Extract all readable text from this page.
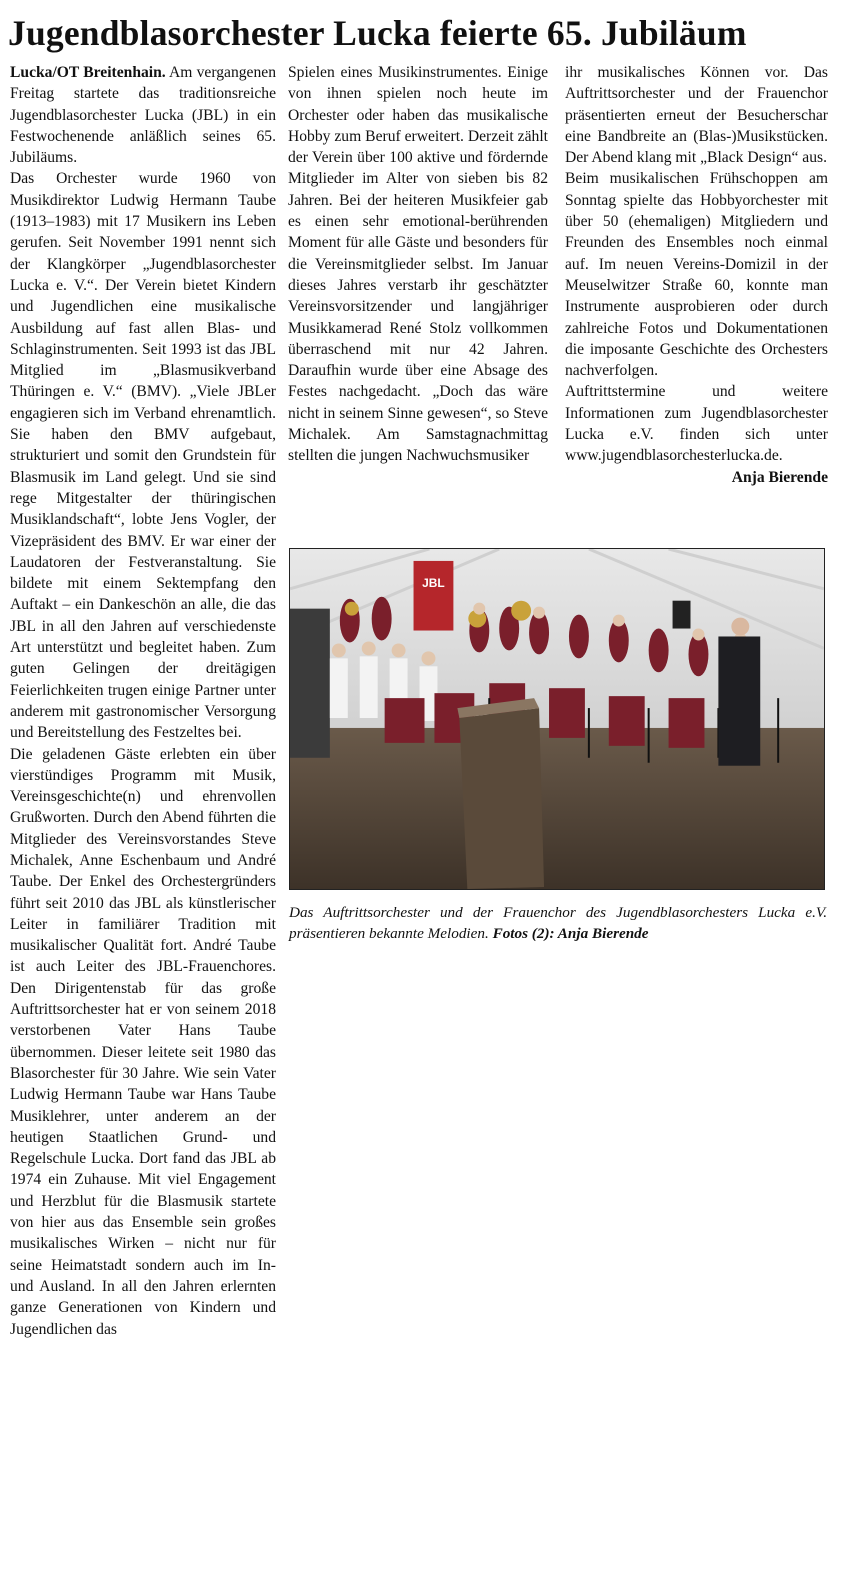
Jugendblasorchester Lucka feierte 65. Jubiläum

Lucka/OT Breitenhain. Am vergangenen Freitag startete das traditionsreiche Jugendblasorchester Lucka (JBL) in ein Festwochenende anläßlich seines 65. Jubiläums.

Das Orchester wurde 1960 von Musikdirektor Ludwig Hermann Taube (1913–1983) mit 17 Musikern ins Leben gerufen. Seit November 1991 nennt sich der Klangkörper „Jugendblasorchester Lucka e. V.“. Der Verein bietet Kindern und Jugendlichen eine musikalische Ausbildung auf fast allen Blas- und Schlaginstrumenten. Seit 1993 ist das JBL Mitglied im „Blasmusikverband Thüringen e. V.“ (BMV). „Viele JBLer engagieren sich im Verband ehrenamtlich. Sie haben den BMV aufgebaut, strukturiert und somit den Grundstein für Blasmusik im Land gelegt. Und sie sind rege Mitgestalter der thüringischen Musiklandschaft“, lobte Jens Vogler, der Vizepräsident des BMV. Er war einer der Laudatoren der Festveranstaltung. Sie bildete mit einem Sektempfang den Auftakt – ein Dankeschön an alle, die das JBL in all den Jahren auf verschiedenste Art unterstützt und begleitet haben. Zum guten Gelingen der dreitägigen Feierlichkeiten trugen einige Partner unter anderem mit gastronomischer Versorgung und Bereitstellung des Festzeltes bei.

Die geladenen Gäste erlebten ein über vierstündiges Programm mit Musik, Vereinsgeschichte(n) und ehrenvollen Grußworten. Durch den Abend führten die Mitglieder des Vereinsvorstandes Steve Michalek, Anne Eschenbaum und André Taube. Der Enkel des Orchestergründers führt seit 2010 das JBL als künstlerischer Leiter in familiärer Tradition mit musikalischer Qualität fort. André Taube ist auch Leiter des JBL-Frauenchores. Den Dirigentenstab für das große Auftrittsorchester hat er von seinem 2018 verstorbenen Vater Hans Taube übernommen. Dieser leitete seit 1980 das Blasorchester für 30 Jahre. Wie sein Vater Ludwig Hermann Taube war Hans Taube Musiklehrer, unter anderem an der heutigen Staatlichen Grund- und Regelschule Lucka. Dort fand das JBL ab 1974 ein Zuhause. Mit viel Engagement und Herzblut für die Blasmusik startete von hier aus das Ensemble sein großes musikalisches Wirken – nicht nur für seine Heimatstadt sondern auch im In- und Ausland. In all den Jahren erlernten ganze Generationen von Kindern und Jugendlichen das

Spielen eines Musikinstrumentes. Einige von ihnen spielen noch heute im Orchester oder haben das musikalische Hobby zum Beruf erweitert. Derzeit zählt der Verein über 100 aktive und fördernde Mitglieder im Alter von sieben bis 82 Jahren. Bei der heiteren Musikfeier gab es einen sehr emotional-berührenden Moment für alle Gäste und besonders für die Vereinsmitglieder selbst. Im Januar dieses Jahres verstarb ihr geschätzter Vereinsvorsitzender und langjähriger Musikkamerad René Stolz vollkommen überraschend mit nur 42 Jahren. Daraufhin wurde über eine Absage des Festes nachgedacht. „Doch das wäre nicht in seinem Sinne gewesen“, so Steve Michalek. Am Samstagnachmittag stellten die jungen Nachwuchsmusiker

ihr musikalisches Können vor. Das Auftrittsorchester und der Frauenchor präsentierten erneut der Besucherschar eine Bandbreite an (Blas-)Musikstücken. Der Abend klang mit „Black Design“ aus.

Beim musikalischen Frühschoppen am Sonntag spielte das Hobbyorchester mit über 50 (ehemaligen) Mitgliedern und Freunden des Ensembles noch einmal auf. Im neuen Vereins-Domizil in der Meuselwitzer Straße 60, konnte man Instrumente ausprobieren oder durch zahlreiche Fotos und Dokumentationen die imposante Geschichte des Orchesters nachverfolgen.

Auftrittstermine und weitere Informationen zum Jugendblasorchester Lucka e.V. finden sich unter www.jugendblasorchesterlucka.de.

Anja Bierende

JBL

Das Auftrittsorchester und der Frauenchor des Jugendblasorchesters Lucka e.V. präsentieren bekannte Melodien. Fotos (2): Anja Bierende
